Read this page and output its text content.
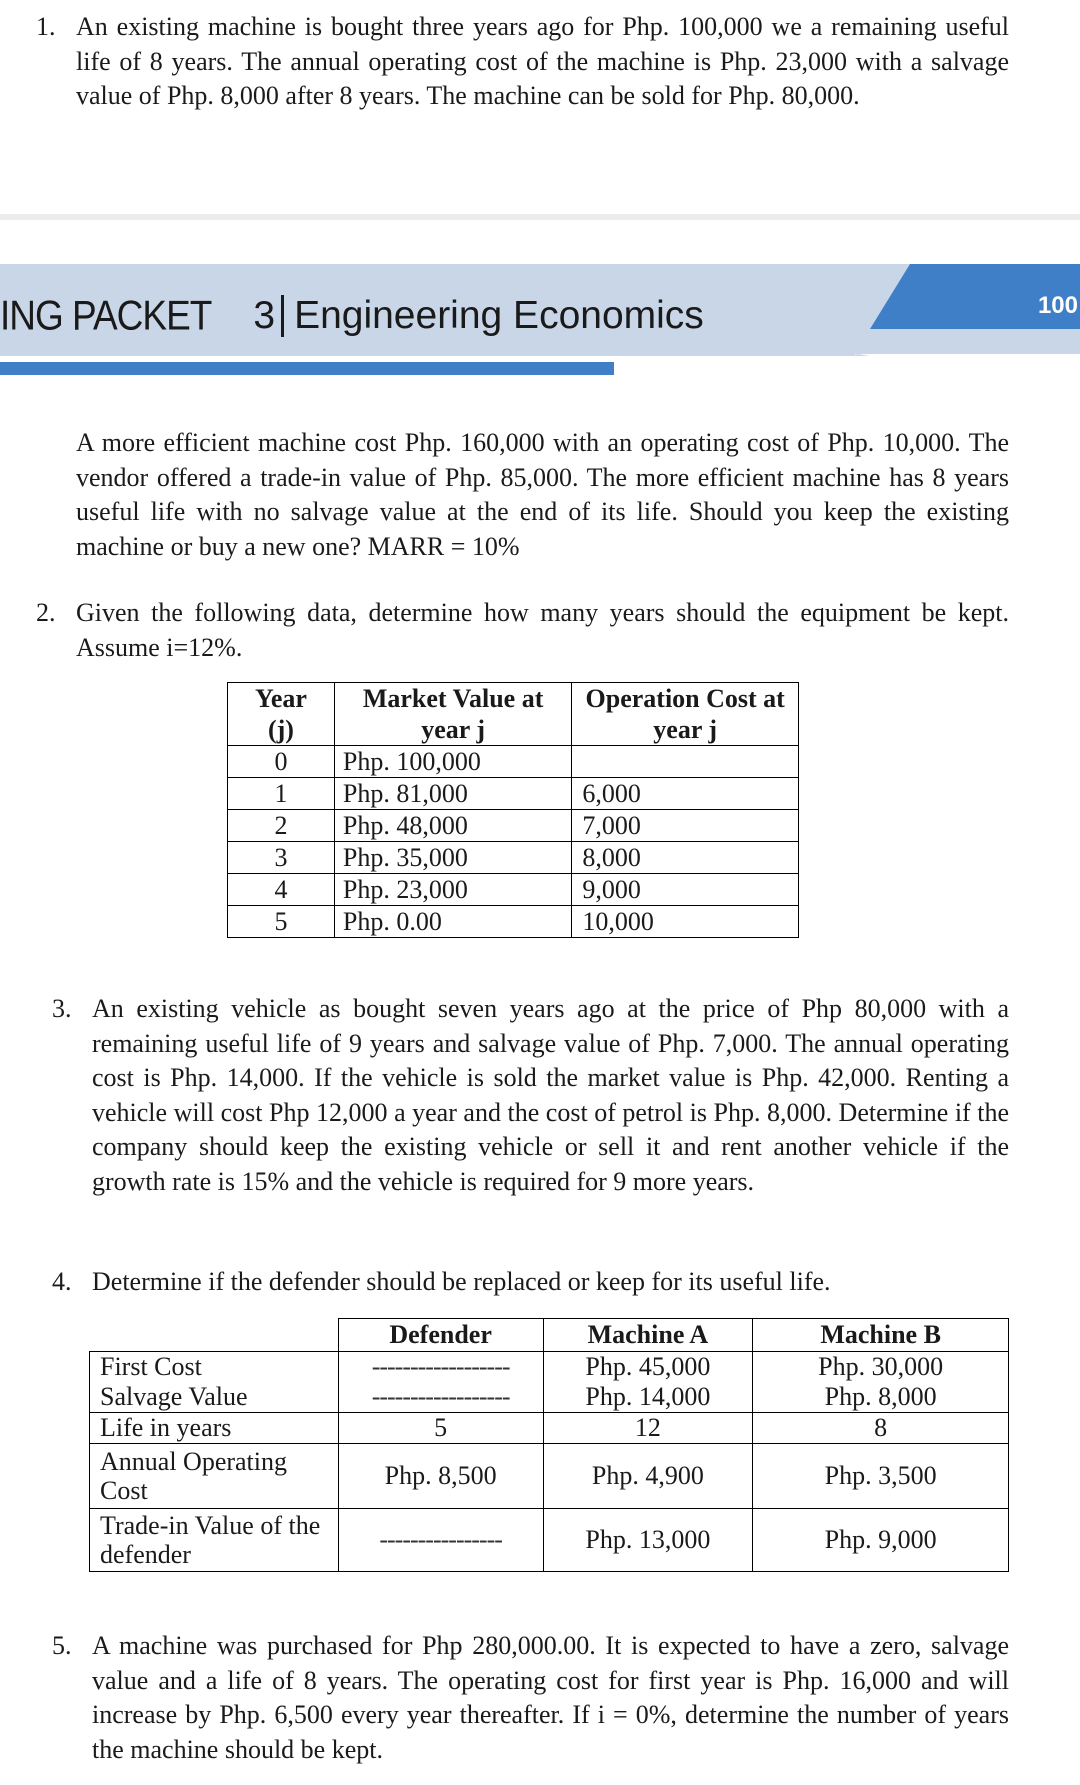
1. An existing machine is bought three years ago for Php. 100,000 we a remaining useful life of 8 years. The annual operating cost of the machine is Php. 23,000 with a salvage value of Php. 8,000 after 8 years. The machine can be sold for Php. 80,000.

ING PACKET 3 Engineering Economics	100

A more efficient machine cost Php. 160,000 with an operating cost of Php. 10,000. The vendor offered a trade-in value of Php. 85,000. The more efficient machine has 8 years useful life with no salvage value at the end of its life. Should you keep the existing machine or buy a new one? MARR = 10%

2. Given the following data, determine how many years should the equipment be kept. Assume i=12%.

Year (j)	Market Value at year j	Operation Cost at year j
0	Php. 100,000	
1	Php. 81,000	6,000
2	Php. 48,000	7,000
3	Php. 35,000	8,000
4	Php. 23,000	9,000
5	Php. 0.00	10,000
3. An existing vehicle as bought seven years ago at the price of Php 80,000 with a remaining useful life of 9 years and salvage value of Php. 7,000. The annual operating cost is Php. 14,000. If the vehicle is sold the market value is Php. 42,000. Renting a vehicle will cost Php 12,000 a year and the cost of petrol is Php. 8,000. Determine if the company should keep the existing vehicle or sell it and rent another vehicle if the growth rate is 15% and the vehicle is required for 9 more years.

4. Determine if the defender should be replaced or keep for its useful life.

	Defender	Machine A	Machine B
First Cost	------------------	Php. 45,000	Php. 30,000
Salvage Value	------------------	Php. 14,000	Php. 8,000
Life in years	5	12	8
Annual Operating Cost	Php. 8,500	Php. 4,900	Php. 3,500
Trade-in Value of the defender	----------------	Php. 13,000	Php. 9,000
5. A machine was purchased for Php 280,000.00. It is expected to have a zero, salvage value and a life of 8 years. The operating cost for first year is Php. 16,000 and will increase by Php. 6,500 every year thereafter. If i = 0%, determine the number of years the machine should be kept.
